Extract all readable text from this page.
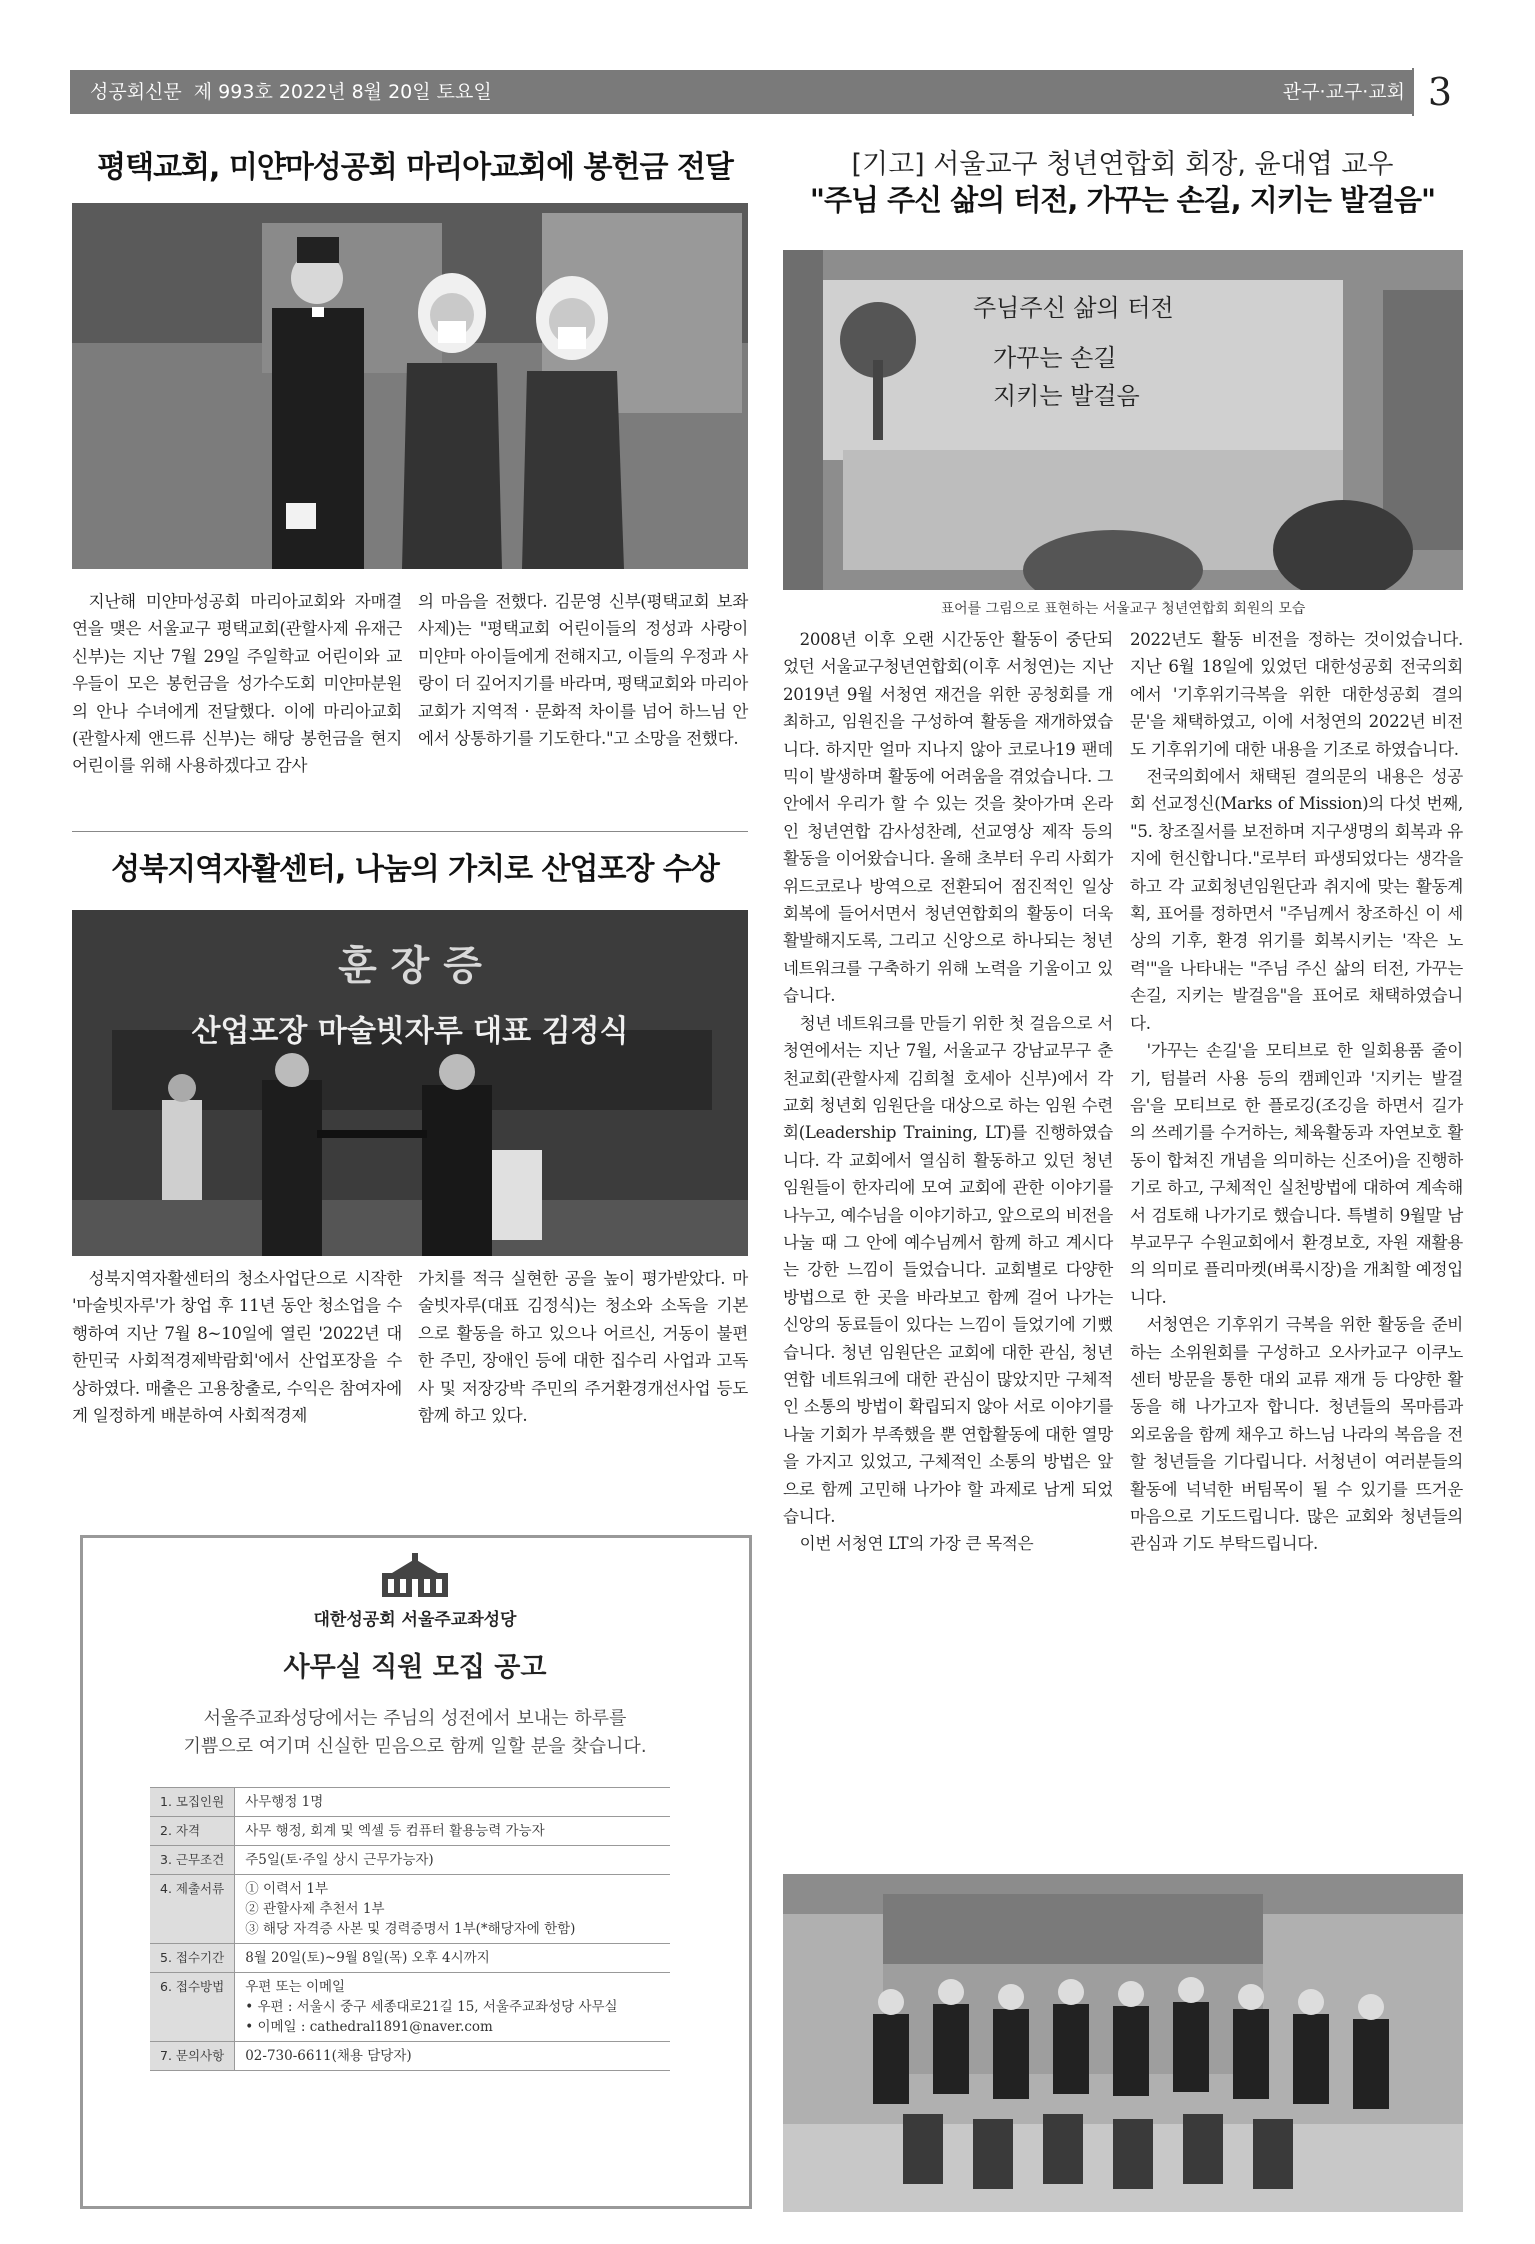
성공회신문 제 993호 2022년 8월 20일 토요일	관구·교구·교회 3
평택교회, 미얀마성공회 마리아교회에 봉헌금 전달

지난해 미얀마성공회 마리아교회와 자매결연을 맺은 서울교구 평택교회(관할사제 유재근 신부)는 지난 7월 29일 주일학교 어린이와 교우들이 모은 봉헌금을 성가수도회 미얀마분원의 안나 수녀에게 전달했다. 이에 마리아교회(관할사제 앤드류 신부)는 해당 봉헌금을 현지 어린이를 위해 사용하겠다고 감사

의 마음을 전했다. 김문영 신부(평택교회 보좌사제)는 "평택교회 어린이들의 정성과 사랑이 미얀마 아이들에게 전해지고, 이들의 우정과 사랑이 더 깊어지기를 바라며, 평택교회와 마리아교회가 지역적 · 문화적 차이를 넘어 하느님 안에서 상통하기를 기도한다."고 소망을 전했다.

성북지역자활센터, 나눔의 가치로 산업포장 수상
훈 장 증
산업포장 마술빗자루 대표 김정식

성북지역자활센터의 청소사업단으로 시작한 '마술빗자루'가 창업 후 11년 동안 청소업을 수행하여 지난 7월 8~10일에 열린 '2022년 대한민국 사회적경제박람회'에서 산업포장을 수상하였다. 매출은 고용창출로, 수익은 참여자에게 일정하게 배분하여 사회적경제

가치를 적극 실현한 공을 높이 평가받았다. 마술빗자루(대표 김정식)는 청소와 소독을 기본으로 활동을 하고 있으나 어르신, 거동이 불편한 주민, 장애인 등에 대한 집수리 사업과 고독사 및 저장강박 주민의 주거환경개선사업 등도 함께 하고 있다.

대한성공회 서울주교좌성당
사무실 직원 모집 공고
서울주교좌성당에서는 주님의 성전에서 보내는 하루를
기쁨으로 여기며 신실한 믿음으로 함께 일할 분을 찾습니다.
1. 모집인원	사무행정 1명

2. 자격	사무 행정, 회계 및 엑셀 등 컴퓨터 활용능력 가능자

3. 근무조건	주5일(토·주일 상시 근무가능자)

4. 제출서류	① 이력서 1부
② 관할사제 추천서 1부
③ 해당 자격증 사본 및 경력증명서 1부(*해당자에 한함)

5. 접수기간	8월 20일(토)~9월 8일(목) 오후 4시까지

6. 접수방법	우편 또는 이메일
• 우편 : 서울시 중구 세종대로21길 15, 서울주교좌성당 사무실
• 이메일 : cathedral1891@naver.com

7. 문의사항	02-730-6611(채용 담당자)
[기고] 서울교구 청년연합회 회장, 윤대엽 교우
"주님 주신 삶의 터전, 가꾸는 손길, 지키는 발걸음"
주님주신 삶의 터전
가꾸는 손길
지키는 발걸음
표어를 그림으로 표현하는 서울교구 청년연합회 회원의 모습

2008년 이후 오랜 시간동안 활동이 중단되었던 서울교구청년연합회(이후 서청연)는 지난 2019년 9월 서청연 재건을 위한 공청회를 개최하고, 임원진을 구성하여 활동을 재개하였습니다. 하지만 얼마 지나지 않아 코로나19 팬데믹이 발생하며 활동에 어려움을 겪었습니다. 그 안에서 우리가 할 수 있는 것을 찾아가며 온라인 청년연합 감사성찬례, 선교영상 제작 등의 활동을 이어왔습니다. 올해 초부터 우리 사회가 위드코로나 방역으로 전환되어 점진적인 일상 회복에 들어서면서 청년연합회의 활동이 더욱 활발해지도록, 그리고 신앙으로 하나되는 청년 네트워크를 구축하기 위해 노력을 기울이고 있습니다.

청년 네트워크를 만들기 위한 첫 걸음으로 서청연에서는 지난 7월, 서울교구 강남교무구 춘천교회(관할사제 김희철 호세아 신부)에서 각 교회 청년회 임원단을 대상으로 하는 임원 수련회(Leadership Training, LT)를 진행하였습니다. 각 교회에서 열심히 활동하고 있던 청년 임원들이 한자리에 모여 교회에 관한 이야기를 나누고, 예수님을 이야기하고, 앞으로의 비전을 나눌 때 그 안에 예수님께서 함께 하고 계시다는 강한 느낌이 들었습니다. 교회별로 다양한 방법으로 한 곳을 바라보고 함께 걸어 나가는 신앙의 동료들이 있다는 느낌이 들었기에 기뻤습니다. 청년 임원단은 교회에 대한 관심, 청년 연합 네트워크에 대한 관심이 많았지만 구체적인 소통의 방법이 확립되지 않아 서로 이야기를 나눌 기회가 부족했을 뿐 연합활동에 대한 열망을 가지고 있었고, 구체적인 소통의 방법은 앞으로 함께 고민해 나가야 할 과제로 남게 되었습니다.

이번 서청연 LT의 가장 큰 목적은

2022년도 활동 비전을 정하는 것이었습니다. 지난 6월 18일에 있었던 대한성공회 전국의회에서 '기후위기극복을 위한 대한성공회 결의문'을 채택하였고, 이에 서청연의 2022년 비전도 기후위기에 대한 내용을 기조로 하였습니다.

전국의회에서 채택된 결의문의 내용은 성공회 선교정신(Marks of Mission)의 다섯 번째, "5. 창조질서를 보전하며 지구생명의 회복과 유지에 헌신합니다."로부터 파생되었다는 생각을 하고 각 교회청년임원단과 취지에 맞는 활동계획, 표어를 정하면서 "주님께서 창조하신 이 세상의 기후, 환경 위기를 회복시키는 '작은 노력'"을 나타내는 "주님 주신 삶의 터전, 가꾸는 손길, 지키는 발걸음"을 표어로 채택하였습니다.

'가꾸는 손길'을 모티브로 한 일회용품 줄이기, 텀블러 사용 등의 캠페인과 '지키는 발걸음'을 모티브로 한 플로깅(조깅을 하면서 길가의 쓰레기를 수거하는, 체육활동과 자연보호 활동이 합쳐진 개념을 의미하는 신조어)을 진행하기로 하고, 구체적인 실천방법에 대하여 계속해서 검토해 나가기로 했습니다. 특별히 9월말 남부교무구 수원교회에서 환경보호, 자원 재활용의 의미로 플리마켓(벼룩시장)을 개최할 예정입니다.

서청연은 기후위기 극복을 위한 활동을 준비하는 소위원회를 구성하고 오사카교구 이쿠노센터 방문을 통한 대외 교류 재개 등 다양한 활동을 해 나가고자 합니다. 청년들의 목마름과 외로움을 함께 채우고 하느님 나라의 복음을 전할 청년들을 기다립니다. 서청년이 여러분들의 활동에 넉넉한 버팀목이 될 수 있기를 뜨거운 마음으로 기도드립니다. 많은 교회와 청년들의 관심과 기도 부탁드립니다.
